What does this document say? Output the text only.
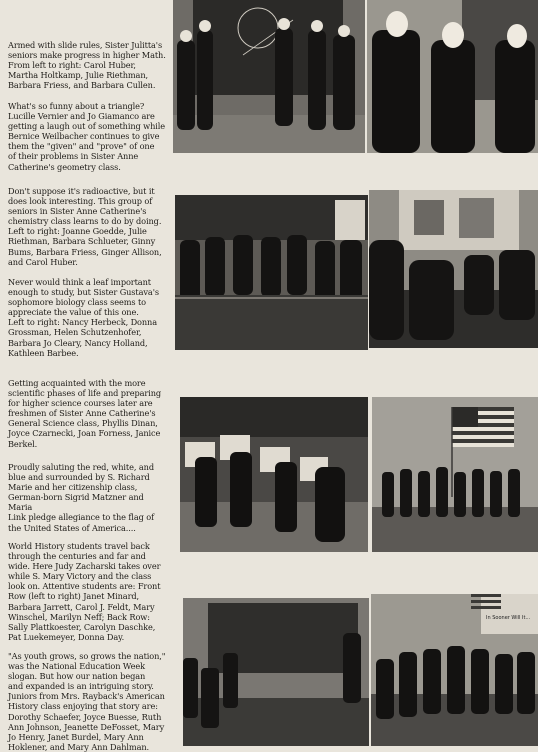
Armed with slide rules, Sister Julitta's
seniors make progress in higher Math.
From left to right: Carol Huber,
Martha Holtkamp, Julie Riethman,
Barbara Friess, and Barbara Cullen.
What's so funny about a triangle?
Lucille Vernier and Jo Giamanco are
getting a laugh out of something while
Bernice Weilbacher continues to give
them the "given" and "prove" of one
of their problems in Sister Anne
Catherine's geometry class.
Don't suppose it's radioactive, but it
does look interesting. This group of
seniors in Sister Anne Catherine's
chemistry class learns to do by doing.
Left to right: Joanne Goedde, Julie
Riethman, Barbara Schlueter, Ginny
Bums, Barbara Friess, Ginger Allison,
and Carol Huber.
Never would think a leaf important
enough to study, but Sister Gustava's
sophomore biology class seems to
appreciate the value of this one.
Left to right: Nancy Herbeck, Donna
Grossman, Helen Schutzenhofer,
Barbara Jo Cleary, Nancy Holland,
Kathleen Barbee.
Getting acquainted with the more
scientific phases of life and preparing
for higher science courses later are
freshmen of Sister Anne Catherine's
General Science class, Phyllis Dinan,
Joyce Czarnecki, Joan Forness, Janice
Berkel.
Proudly saluting the red, white, and
blue and surrounded by S. Richard
Marie and her citizenship class,
German-born Sigrid Matzner and Maria
Link pledge allegiance to the flag of
the United States of America....
World History students travel back
through the centuries and far and
wide. Here Judy Zacharski takes over
while S. Mary Victory and the class
look on. Attentive students are: Front
Row (left to right) Janet Minard,
Barbara Jarrett, Carol J. Feldt, Mary
Winschel, Marilyn Neff; Back Row:
Sally Plattkoester, Carolyn Daschke,
Pat Luekemeyer, Donna Day.
"As youth grows, so grows the nation,"
was the National Education Week
slogan. But how our nation began
and expanded is an intriguing story.
Juniors from Mrs. Rayback's American
History class enjoying that story are:
Dorothy Schaefer, Joyce Buesse, Ruth
Ann Johnson, Jeanette DeFosset, Mary
Jo Henry, Janet Burdel, Mary Ann
Hoklener, and Mary Ann Dahlman.
In Sooner Will It...
